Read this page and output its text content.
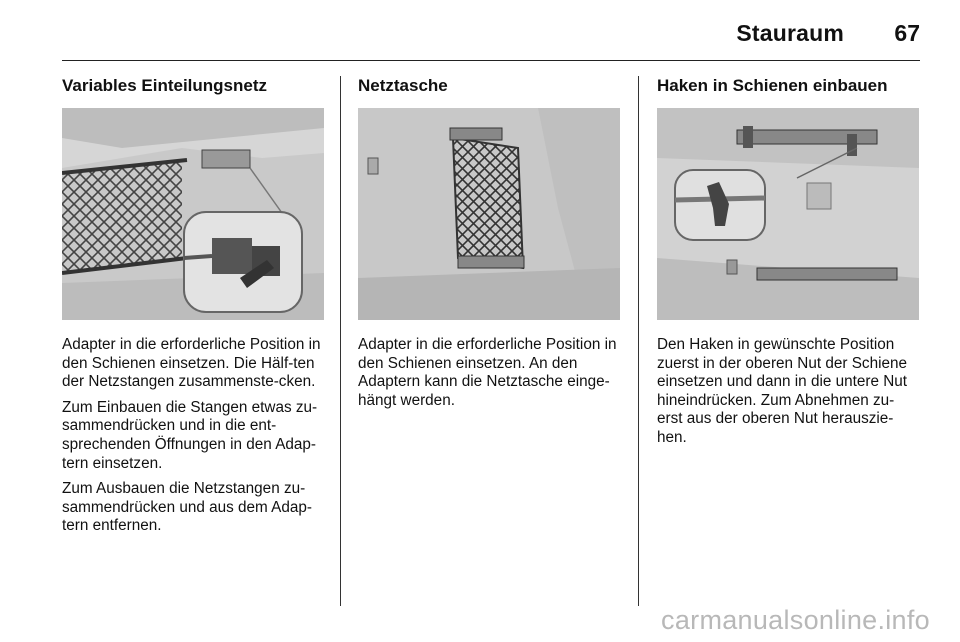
Stauraum 67
Variables Einteilungsnetz

Adapter in die erforderliche Position in den Schienen einsetzen. Die Hälf-ten der Netzstangen zusammenste-cken.

Zum Einbauen die Stangen etwas zu-sammendrücken und in die ent-sprechenden Öffnungen in den Adap-tern einsetzen.

Zum Ausbauen die Netzstangen zu-sammendrücken und aus dem Adap-tern entfernen.

Netztasche

Adapter in die erforderliche Position in den Schienen einsetzen. An den Adaptern kann die Netztasche einge-hängt werden.

Haken in Schienen einbauen

Den Haken in gewünschte Position zuerst in der oberen Nut der Schiene einsetzen und dann in die untere Nut hineindrücken. Zum Abnehmen zu-erst aus der oberen Nut herauszie-hen.

carmanualsonline.info
